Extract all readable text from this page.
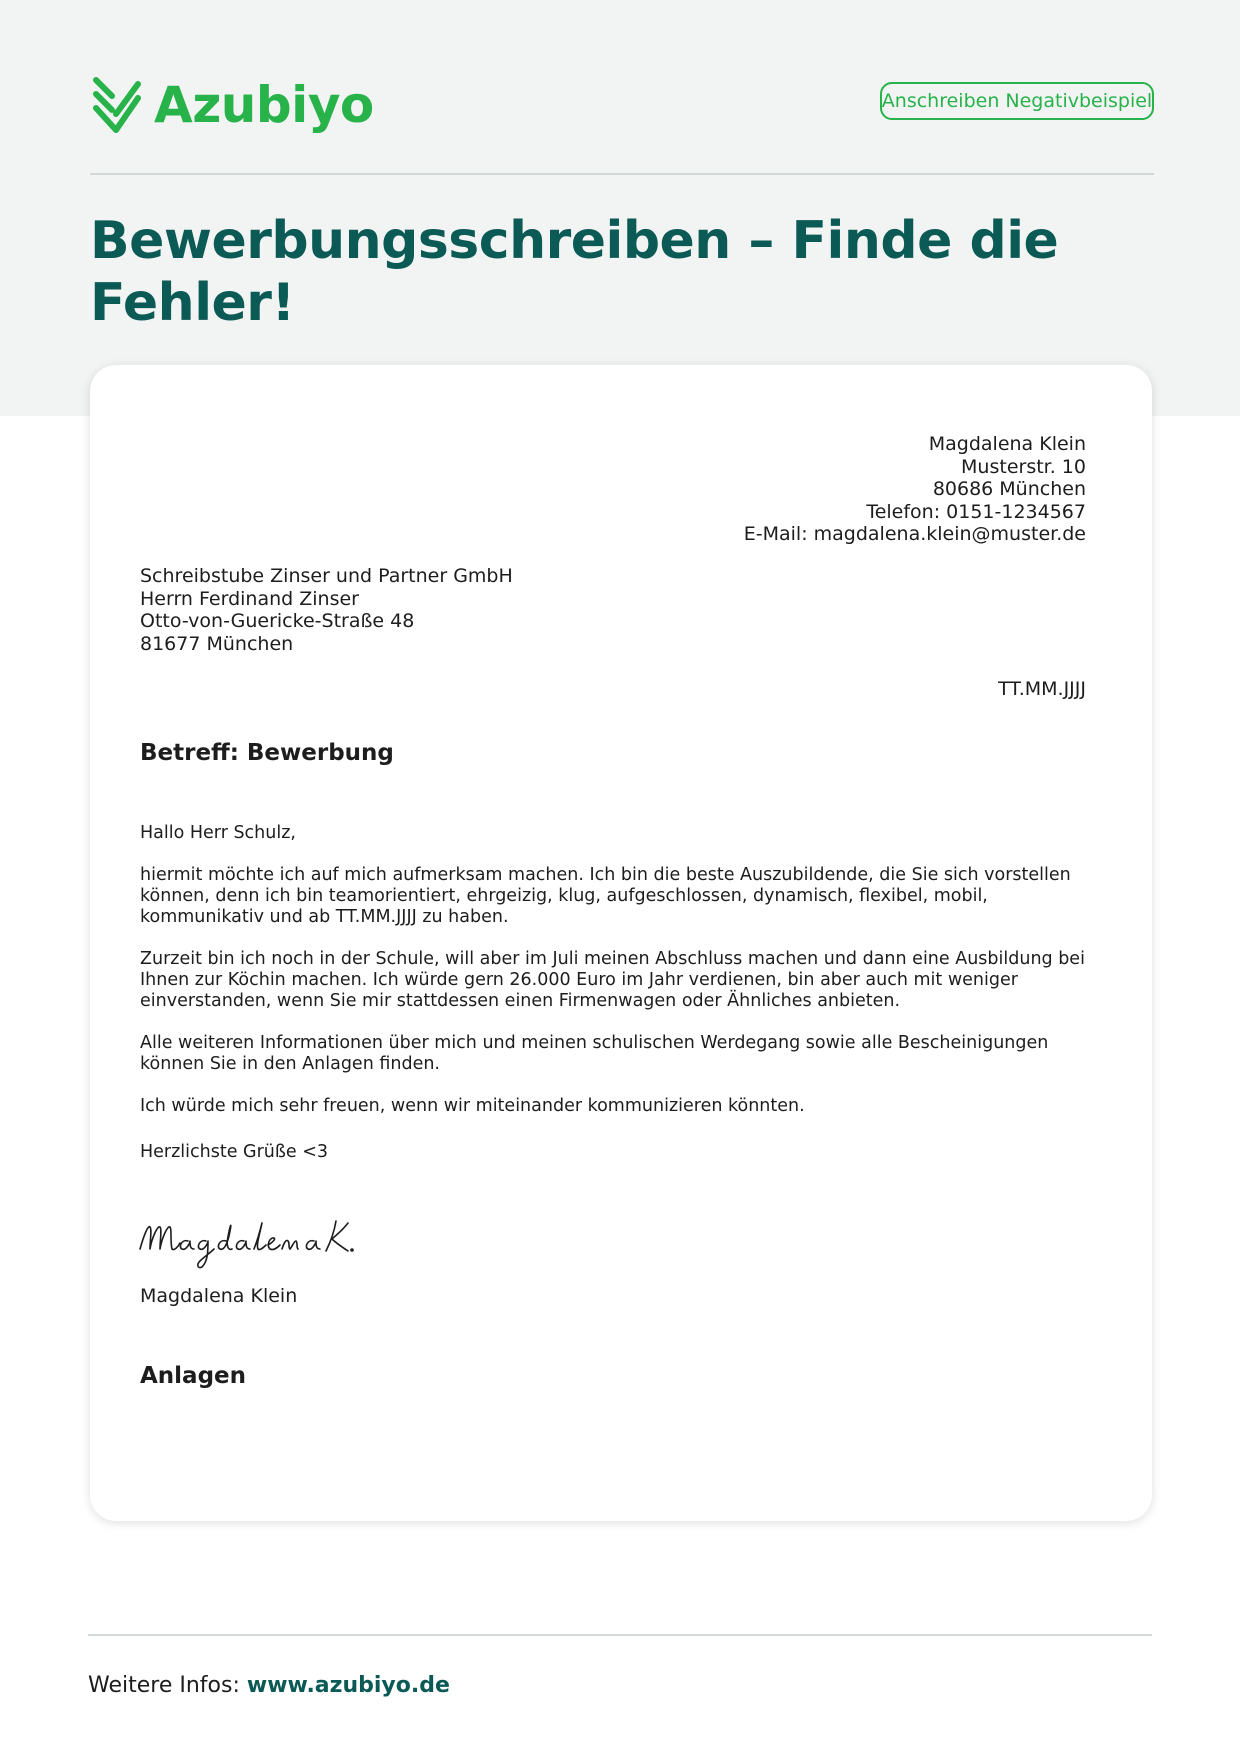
Azubiyo	Anschreiben Negativbeispiel
Bewerbungsschreiben – Finde die Fehler!
Magdalena Klein
Musterstr. 10
80686 München
Telefon: 0151-1234567
E-Mail: magdalena.klein@muster.de
Schreibstube Zinser und Partner GmbH
Herrn Ferdinand Zinser
Otto-von-Guericke-Straße 48
81677 München
TT.MM.JJJJ
Betreff: Bewerbung

Hallo Herr Schulz,

hiermit möchte ich auf mich aufmerksam machen. Ich bin die beste Auszubildende, die Sie sich vorstellen können, denn ich bin teamorientiert, ehrgeizig, klug, aufgeschlossen, dynamisch, flexibel, mobil, kommunikativ und ab TT.MM.JJJJ zu haben.

Zurzeit bin ich noch in der Schule, will aber im Juli meinen Abschluss machen und dann eine Ausbildung bei Ihnen zur Köchin machen. Ich würde gern 26.000 Euro im Jahr verdienen, bin aber auch mit weniger einverstanden, wenn Sie mir stattdessen einen Firmenwagen oder Ähnliches anbieten.

Alle weiteren Informationen über mich und meinen schulischen Werdegang sowie alle Bescheinigungen können Sie in den Anlagen finden.

Ich würde mich sehr freuen, wenn wir miteinander kommunizieren könnten.

Herzlichste Grüße <3
Magdalena Klein
Anlagen
Weitere Infos: www.azubiyo.de
